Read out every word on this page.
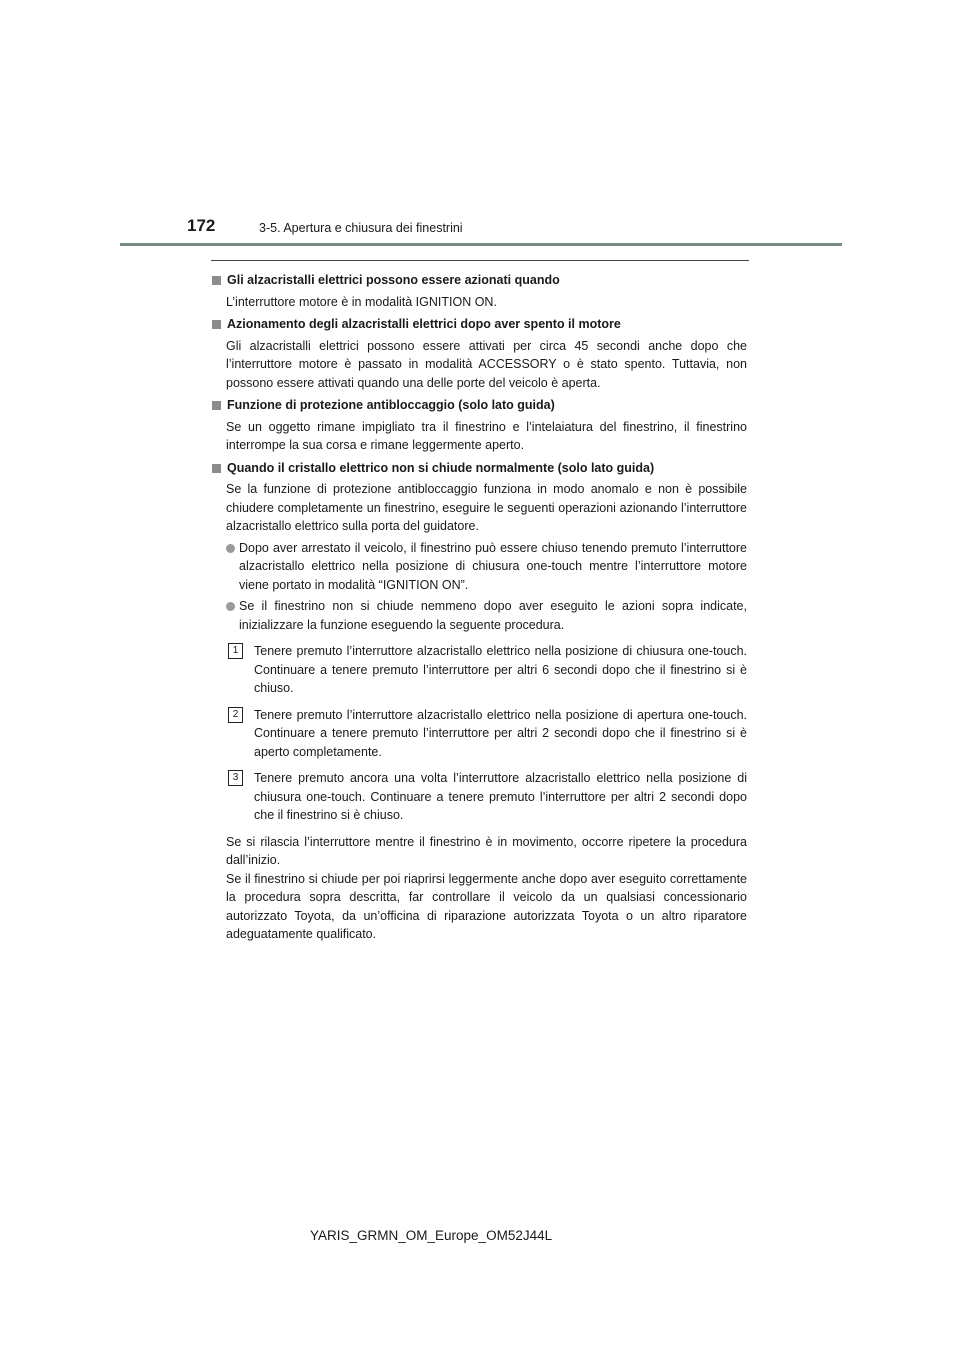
172	3-5. Apertura e chiusura dei finestrini
Gli alzacristalli elettrici possono essere azionati quando
L’interruttore motore è in modalità IGNITION ON.
Azionamento degli alzacristalli elettrici dopo aver spento il motore
Gli alzacristalli elettrici possono essere attivati per circa 45 secondi anche dopo che l’interruttore motore è passato in modalità ACCESSORY o è stato spento. Tuttavia, non possono essere attivati quando una delle porte del veicolo è aperta.
Funzione di protezione antibloccaggio (solo lato guida)
Se un oggetto rimane impigliato tra il finestrino e l’intelaiatura del finestrino, il finestrino interrompe la sua corsa e rimane leggermente aperto.
Quando il cristallo elettrico non si chiude normalmente (solo lato guida)
Se la funzione di protezione antibloccaggio funziona in modo anomalo e non è possibile chiudere completamente un finestrino, eseguire le seguenti operazioni azionando l’interruttore alzacristallo elettrico sulla porta del guidatore.
Dopo aver arrestato il veicolo, il finestrino può essere chiuso tenendo premuto l’interruttore alzacristallo elettrico nella posizione di chiusura one-touch mentre l’interruttore motore viene portato in modalità “IGNITION ON”.
Se il finestrino non si chiude nemmeno dopo aver eseguito le azioni sopra indicate, inizializzare la funzione eseguendo la seguente procedura.
1	Tenere premuto l’interruttore alzacristallo elettrico nella posizione di chiusura one-touch. Continuare a tenere premuto l’interruttore per altri 6 secondi dopo che il finestrino si è chiuso.
2	Tenere premuto l’interruttore alzacristallo elettrico nella posizione di apertura one-touch. Continuare a tenere premuto l’interruttore per altri 2 secondi dopo che il finestrino si è aperto completamente.
3	Tenere premuto ancora una volta l’interruttore alzacristallo elettrico nella posizione di chiusura one-touch. Continuare a tenere premuto l’interruttore per altri 2 secondi dopo che il finestrino si è chiuso.

Se si rilascia l’interruttore mentre il finestrino è in movimento, occorre ripetere la procedura dall’inizio.

Se il finestrino si chiude per poi riaprirsi leggermente anche dopo aver eseguito correttamente la procedura sopra descritta, far controllare il veicolo da un qualsiasi concessionario autorizzato Toyota, da un’officina di riparazione autorizzata Toyota o un altro riparatore adeguatamente qualificato.

YARIS_GRMN_OM_Europe_OM52J44L
